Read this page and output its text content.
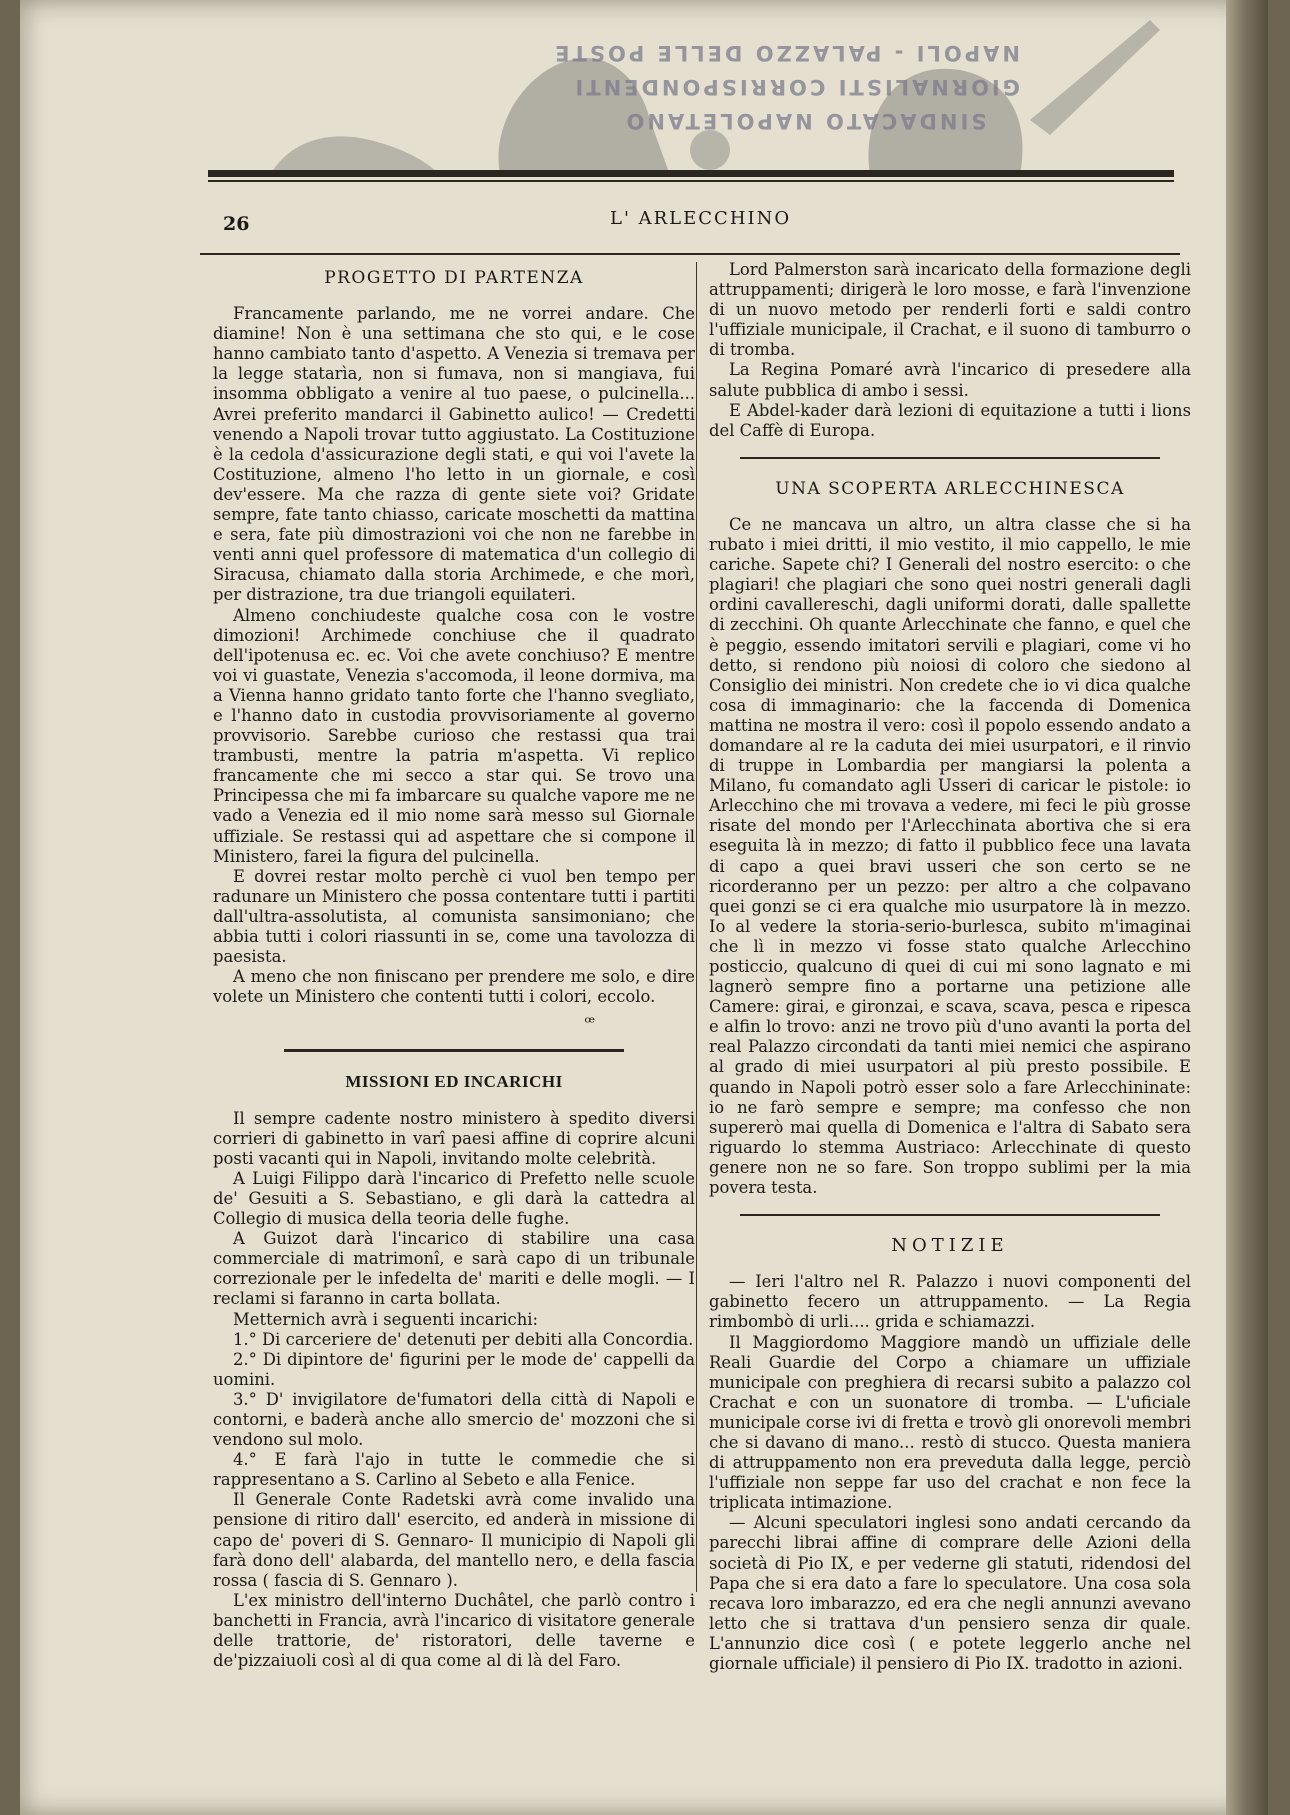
SINDACATO NAPOLETANO
GIORNALISTI CORRISPONDENTI
NAPOLI - PALAZZO DELLE POSTE
26	L' ARLECCHINO
PROGETTO DI PARTENZA

Francamente parlando, me ne vorrei andare. Che diamine! Non è una settimana che sto qui, e le cose hanno cambiato tanto d'aspetto. A Venezia si tremava per la legge statarìa, non si fumava, non si mangiava, fui insomma obbligato a venire al tuo paese, o pulcinella... Avrei preferito mandarci il Gabinetto aulico! — Credetti venendo a Napoli trovar tutto aggiustato. La Costituzione è la cedola d'assicurazione degli stati, e qui voi l'avete la Costituzione, almeno l'ho letto in un giornale, e così dev'essere. Ma che razza di gente siete voi? Gridate sempre, fate tanto chiasso, caricate moschetti da mattina e sera, fate più dimostrazioni voi che non ne farebbe in venti anni quel professore di matematica d'un collegio di Siracusa, chiamato dalla storia Archimede, e che morì, per distrazione, tra due triangoli equilateri.

Almeno conchiudeste qualche cosa con le vostre dimozioni! Archimede conchiuse che il quadrato dell'ipotenusa ec. ec. Voi che avete conchiuso? E mentre voi vi guastate, Venezia s'accomoda, il leone dormiva, ma a Vienna hanno gridato tanto forte che l'hanno svegliato, e l'hanno dato in custodia provvisoriamente al governo provvisorio. Sarebbe curioso che restassi qua trai trambusti, mentre la patria m'aspetta. Vi replico francamente che mi secco a star qui. Se trovo una Principessa che mi fa imbarcare su qualche vapore me ne vado a Venezia ed il mio nome sarà messo sul Giornale uffiziale. Se restassi qui ad aspettare che si compone il Ministero, farei la figura del pulcinella.

E dovrei restar molto perchè ci vuol ben tempo per radunare un Ministero che possa contentare tutti i partiti dall'ultra-assolutista, al comunista sansimoniano; che abbia tutti i colori riassunti in se, come una tavolozza di paesista.

A meno che non finiscano per prendere me solo, e dire volete un Ministero che contenti tutti i colori, eccolo.

ꟹ
MISSIONI ED INCARICHI

Il sempre cadente nostro ministero à spedito diversi corrieri di gabinetto in varî paesi affine di coprire alcuni posti vacanti qui in Napoli, invitando molte celebrità.

A Luigi Filippo darà l'incarico di Prefetto nelle scuole de' Gesuiti a S. Sebastiano, e gli darà la cattedra al Collegio di musica della teoria delle fughe.

A Guizot darà l'incarico di stabilire una casa commerciale di matrimonî, e sarà capo di un tribunale correzionale per le infedelta de' mariti e delle mogli. — I reclami si faranno in carta bollata.

Metternich avrà i seguenti incarichi:

1.° Di carceriere de' detenuti per debiti alla Concordia.

2.° Di dipintore de' figurini per le mode de' cappelli da uomini.

3.° D' invigilatore de'fumatori della città di Napoli e contorni, e baderà anche allo smercio de' mozzoni che si vendono sul molo.

4.° E farà l'ajo in tutte le commedie che si rappresentano a S. Carlino al Sebeto e alla Fenice.

Il Generale Conte Radetski avrà come invalido una pensione di ritiro dall' esercito, ed anderà in missione di capo de' poveri di S. Gennaro- Il municipio di Napoli gli farà dono dell' alabarda, del mantello nero, e della fascia rossa ( fascia di S. Gennaro ).

L'ex ministro dell'interno Duchâtel, che parlò contro i banchetti in Francia, avrà l'incarico di visitatore generale delle trattorie, de' ristoratori, delle taverne e de'pizzaiuoli così al di qua come al di là del Faro.

Lord Palmerston sarà incaricato della formazione degli attruppamenti; dirigerà le loro mosse, e farà l'invenzione di un nuovo metodo per renderli forti e saldi contro l'uffiziale municipale, il Crachat, e il suono di tamburro o di tromba.

La Regina Pomaré avrà l'incarico di presedere alla salute pubblica di ambo i sessi.

E Abdel-kader darà lezioni di equitazione a tutti i lions del Caffè di Europa.

UNA SCOPERTA ARLECCHINESCA

Ce ne mancava un altro, un altra classe che si ha rubato i miei dritti, il mio vestito, il mio cappello, le mie cariche. Sapete chi? I Generali del nostro esercito: o che plagiari! che plagiari che sono quei nostri generali dagli ordini cavallereschi, dagli uniformi dorati, dalle spallette di zecchini. Oh quante Arlecchinate che fanno, e quel che è peggio, essendo imitatori servili e plagiari, come vi ho detto, si rendono più noiosi di coloro che siedono al Consiglio dei ministri. Non credete che io vi dica qualche cosa di immaginario: che la faccenda di Domenica mattina ne mostra il vero: così il popolo essendo andato a domandare al re la caduta dei miei usurpatori, e il rinvio di truppe in Lombardia per mangiarsi la polenta a Milano, fu comandato agli Usseri di caricar le pistole: io Arlecchino che mi trovava a vedere, mi feci le più grosse risate del mondo per l'Arlecchinata abortiva che si era eseguita là in mezzo; di fatto il pubblico fece una lavata di capo a quei bravi usseri che son certo se ne ricorderanno per un pezzo: per altro a che colpavano quei gonzi se ci era qualche mio usurpatore là in mezzo. Io al vedere la storia-serio-burlesca, subito m'imaginai che lì in mezzo vi fosse stato qualche Arlecchino posticcio, qualcuno di quei di cui mi sono lagnato e mi lagnerò sempre fino a portarne una petizione alle Camere: girai, e gironzai, e scava, scava, pesca e ripesca e alfin lo trovo: anzi ne trovo più d'uno avanti la porta del real Palazzo circondati da tanti miei nemici che aspirano al grado di miei usurpatori al più presto possibile. E quando in Napoli potrò esser solo a fare Arlecchininate: io ne farò sempre e sempre; ma confesso che non supererò mai quella di Domenica e l'altra di Sabato sera riguardo lo stemma Austriaco: Arlecchinate di questo genere non ne so fare. Son troppo sublimi per la mia povera testa.

NOTIZIE

— Ieri l'altro nel R. Palazzo i nuovi componenti del gabinetto fecero un attruppamento. — La Regia rimbombò di urli.... grida e schiamazzi.

Il Maggiordomo Maggiore mandò un uffiziale delle Reali Guardie del Corpo a chiamare un uffiziale municipale con preghiera di recarsi subito a palazzo col Crachat e con un suonatore di tromba. — L'uficiale municipale corse ivi di fretta e trovò gli onorevoli membri che si davano di mano... restò di stucco. Questa maniera di attruppamento non era preveduta dalla legge, perciò l'uffiziale non seppe far uso del crachat e non fece la triplicata intimazione.

— Alcuni speculatori inglesi sono andati cercando da parecchi librai affine di comprare delle Azioni della società di Pio IX, e per vederne gli statuti, ridendosi del Papa che si era dato a fare lo speculatore. Una cosa sola recava loro imbarazzo, ed era che negli annunzi avevano letto che si trattava d'un pensiero senza dir quale. L'annunzio dice così ( e potete leggerlo anche nel giornale ufficiale) il pensiero di Pio IX. tradotto in azioni.
